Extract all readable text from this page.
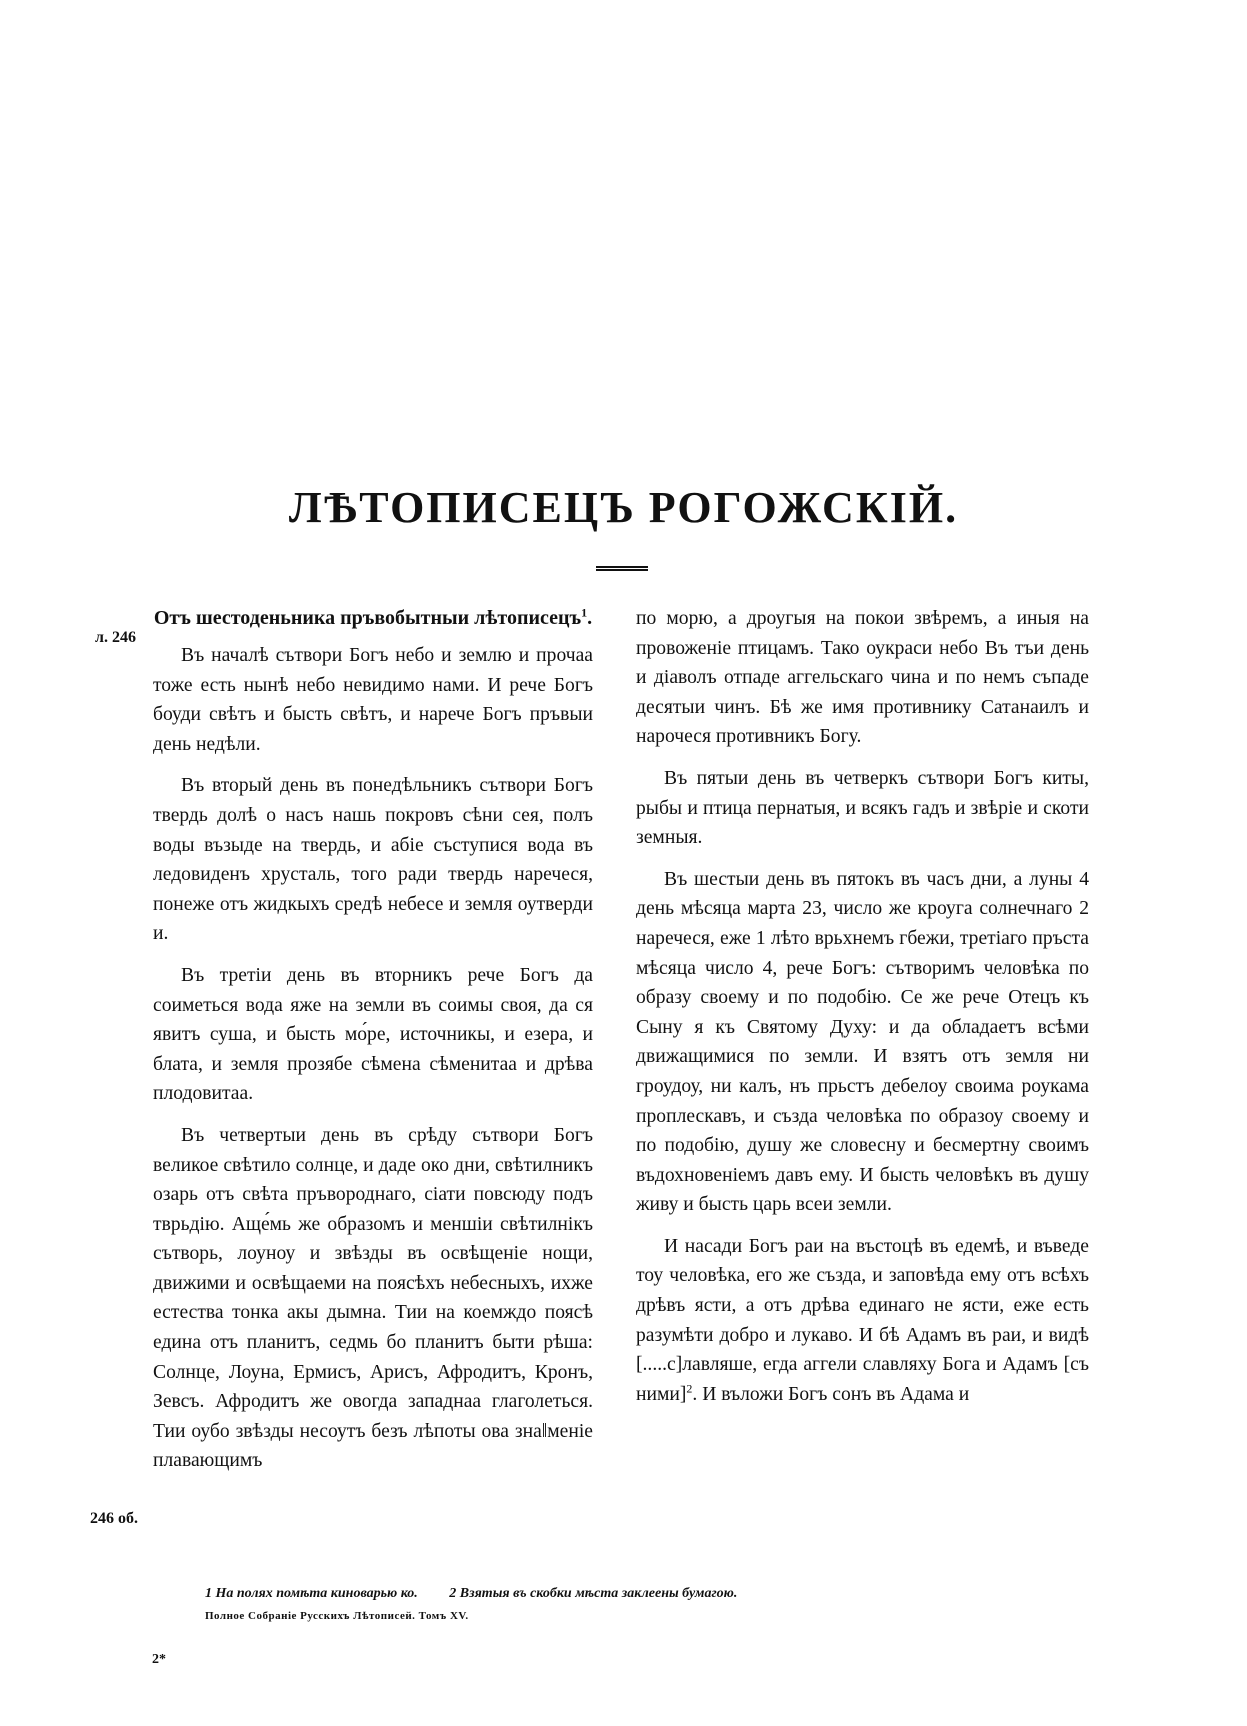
ЛѢТОПИСЕЦЪ РОГОЖСКІЙ.
л. 246
246 об.
Отъ шестоденьника пръвобытныи лѣтописецъ$^1$.

Въ началѣ сътвори Богъ небо и землю и прочаа тоже есть нынѣ небо невидимо нами. И рече Богъ боуди свѣтъ и бысть свѣтъ, и нарече Богъ пръвыи день недѣли.

Въ вторый день въ понедѣльникъ сътвори Богъ твердь долѣ о насъ нашь покровъ сѣни сея, полъ воды възыде на твердь, и абіе съступися вода въ ледовиденъ хрусталь, того ради твердь наречеся, понеже отъ жидкыхъ средѣ небесе и земля оутверди и.

Въ третіи день въ вторникъ рече Богъ да соиметься вода яже на земли въ соимы своя, да ся явитъ суша, и бысть мо́ре, источникы, и езера, и блата, и земля прозябе сѣмена сѣменитаа и дрѣва плодовитаа.

Въ четвертыи день въ срѣду сътвори Богъ великое свѣтило солнце, и даде око дни, свѣтилникъ озарь отъ свѣта пръвороднаго, сіати повсюду подъ тврьдію. Аще́мь же образомъ и меншіи свѣтилнікъ сътворь, лоуноу и звѣзды въ освѣщеніе нощи, движими и освѣщаеми на поясѣхъ небесныхъ, ихже естества тонка акы дымна. Тии на коемждо поясѣ едина отъ планитъ, седмь бо планитъ быти рѣша: Солнце, Лоуна, Ермисъ, Арисъ, Афродитъ, Кронъ, Зевсъ. Афродитъ же овогда западнаа глаголеться. Тии оубо звѣзды несоутъ безъ лѣпоты ова зна‖меніе плавающимъ

по морю, а дроугыя на покои звѣремъ, а иныя на провоженіе птицамъ. Тако оукраси небо Въ тъи день и діаволъ отпаде аггельскаго чина и по немъ съпаде десятыи чинъ. Бѣ же имя противнику Сатанаилъ и нарочеся противникъ Богу.

Въ пятыи день въ четверкъ сътвори Богъ киты, рыбы и птица пернатыя, и всякъ гадъ и звѣріе и скоти земныя.

Въ шестыи день въ пятокъ въ часъ дни, а луны 4 день мѣсяца марта 23, число же кроуга солнечнаго 2 наречеся, еже 1 лѣто врьхнемъ гбежи, третіаго пръста мѣсяца число 4, рече Богъ: сътворимъ человѣка по образу своему и по подобію. Се же рече Отецъ къ Сыну я къ Святому Духу: и да обладаетъ всѣми движащимися по земли. И взятъ отъ земля ни гроудоу, ни калъ, нъ прьстъ дебелоу своима роукама проплескавъ, и създа человѣка по образоу своему и по подобію, душу же словесну и бесмертну своимъ въдохновеніемъ давъ ему. И бысть человѣкъ въ душу живу и бысть царь всеи земли.

И насади Богъ раи на въстоцѣ въ едемѣ, и въведе тоу человѣка, его же създа, и заповѣда ему отъ всѣхъ дрѣвъ ясти, а отъ дрѣва единаго не ясти, еже есть разумѣти добро и лукаво. И бѣ Адамъ въ раи, и видѣ [.....с]лавляше, егда аггели славляху Бога и Адамъ [съ ними]$^2$. И въложи Богъ сонъ въ Адама и

1 На полях помѣта киноварью ко. 2 Взятыя въ скобки мѣста заклеены бумагою.
Полное Собраніе Русскихъ Лѣтописей. Томъ XV.
2*
